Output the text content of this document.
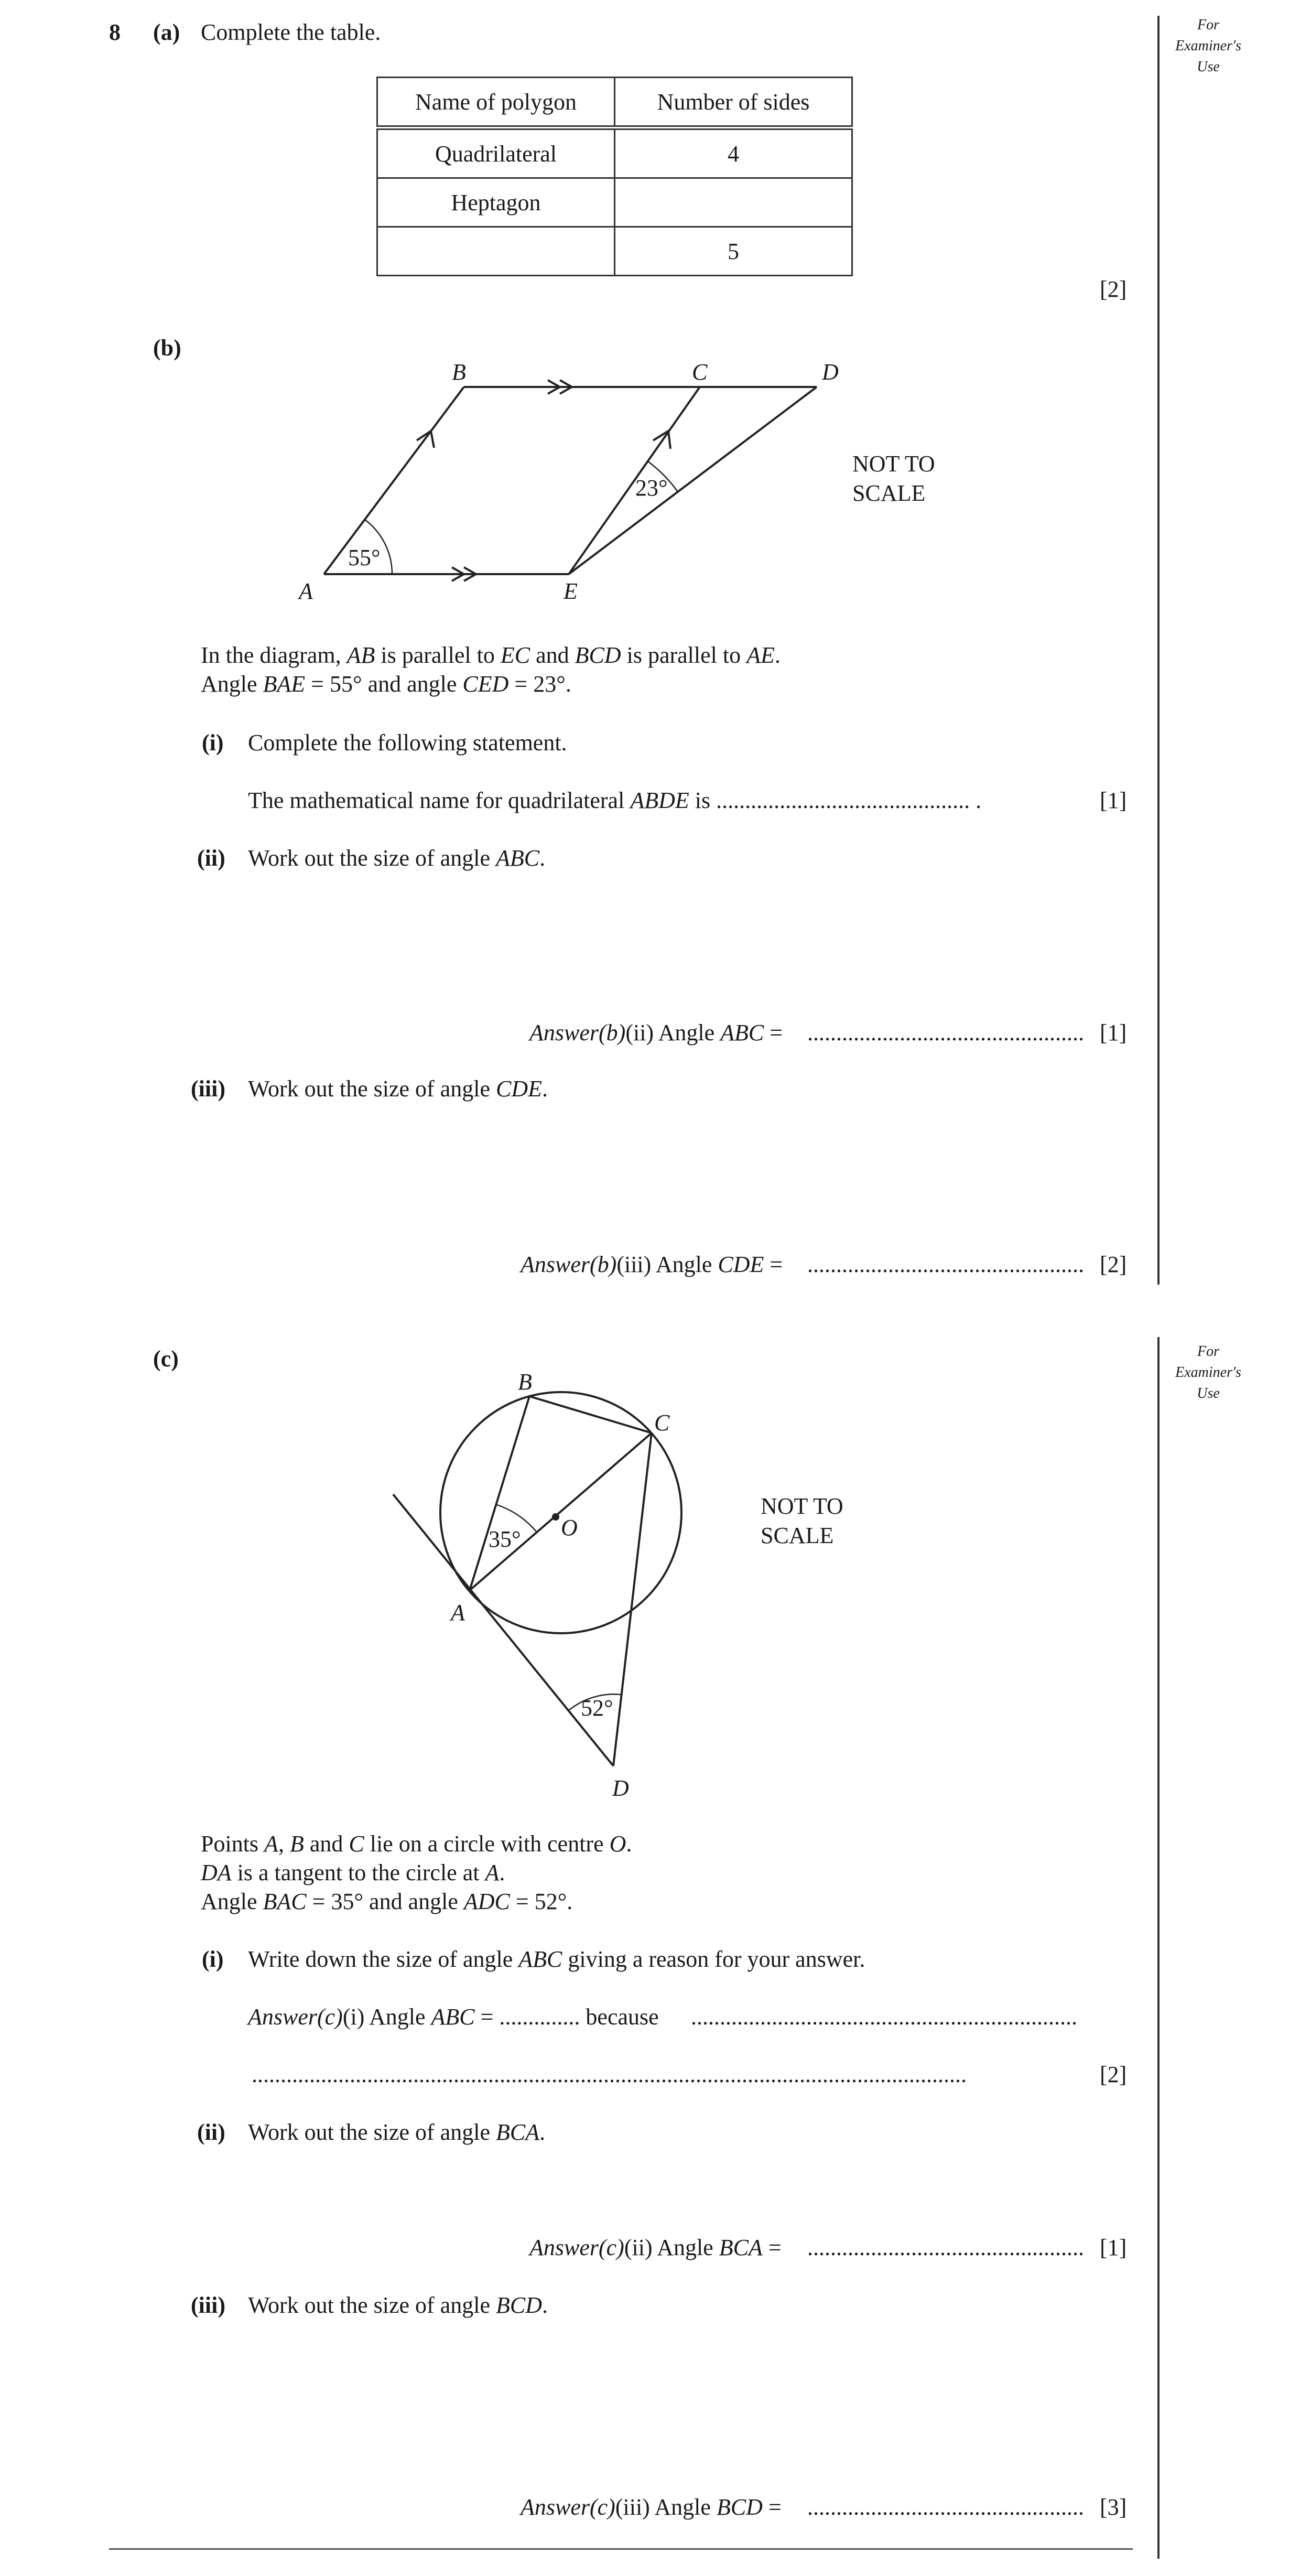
For
Examiner's
Use
For
Examiner's
Use
8 (a) Complete the table.
Name of polygon	Number of sides
Quadrilateral	4
Heptagon	
	5
[2]
(b)
B	C	D
A	E
55°
23°
NOT TO
SCALE
In the diagram, AB is parallel to EC and BCD is parallel to AE.
Angle BAE = 55° and angle CED = 23°.
(i) Complete the following statement.
The mathematical name for quadrilateral ABDE is ............................................ .	[1]
(ii) Work out the size of angle ABC.
Answer(b)(ii) Angle ABC = ................................................ [1]
(iii) Work out the size of angle CDE.
Answer(b)(iii) Angle CDE = ................................................ [2]
(c)
B
C
O
A
D
35°
52°
NOT TO
SCALE
Points A, B and C lie on a circle with centre O.
DA is a tangent to the circle at A.
Angle BAC = 35° and angle ADC = 52°.
(i) Write down the size of angle ABC giving a reason for your answer.
Answer(c)(i) Angle ABC = .............. because ...................................................................
............................................................................................................................	[2]
(ii) Work out the size of angle BCA.
Answer(c)(ii) Angle BCA = ................................................ [1]
(iii) Work out the size of angle BCD.
Answer(c)(iii) Angle BCD = ................................................ [3]
